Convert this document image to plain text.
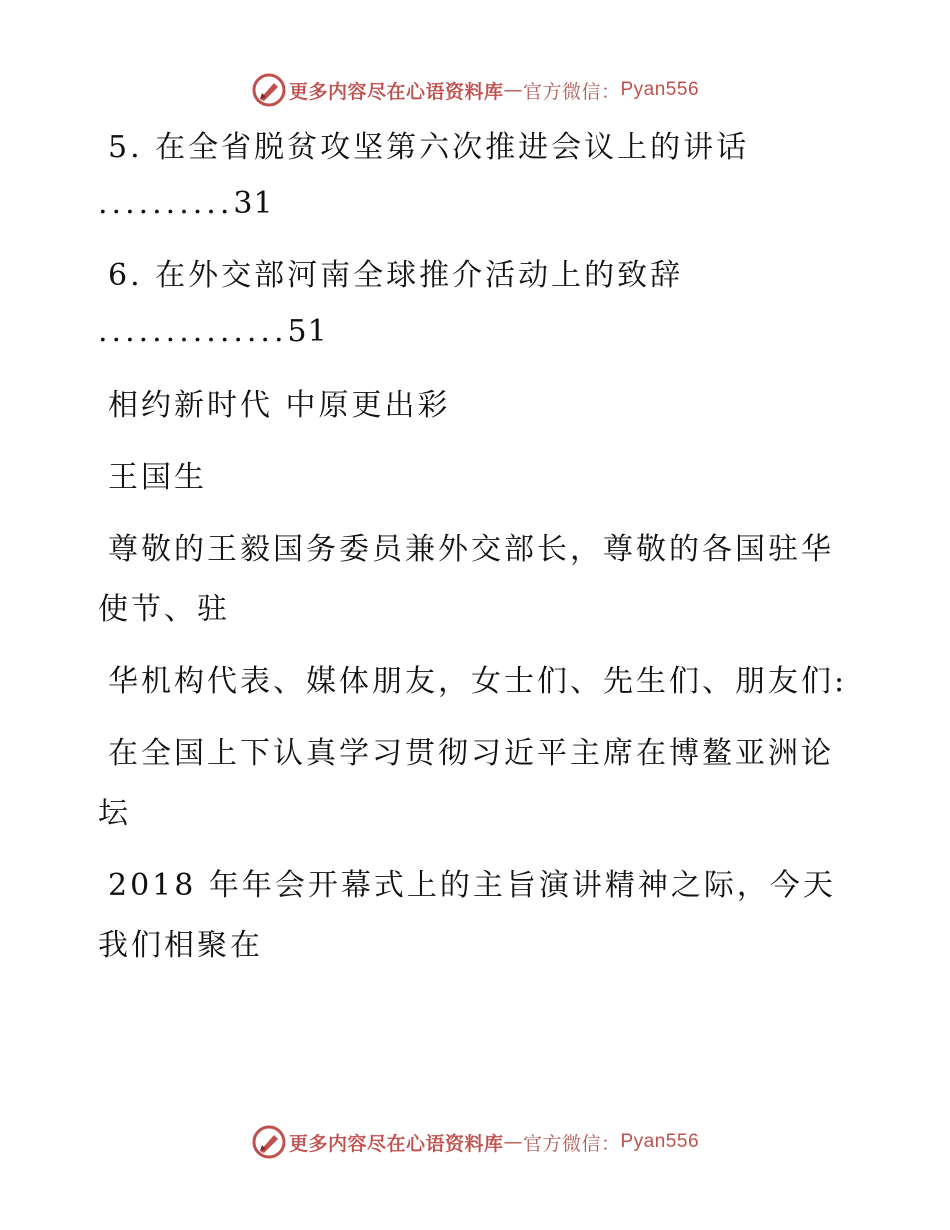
更多内容尽在心语资料库 — 官方微信： Pyan556

5. 在全省脱贫攻坚第六次推进会议上的讲话

..........31

6. 在外交部河南全球推介活动上的致辞

..............51

相约新时代 中原更出彩

王国生

尊敬的王毅国务委员兼外交部长，尊敬的各国驻华使节、驻

华机构代表、媒体朋友，女士们、先生们、朋友们:

在全国上下认真学习贯彻习近平主席在博鳌亚洲论坛

2018 年年会开幕式上的主旨演讲精神之际，今天我们相聚在

更多内容尽在心语资料库 — 官方微信： Pyan556
